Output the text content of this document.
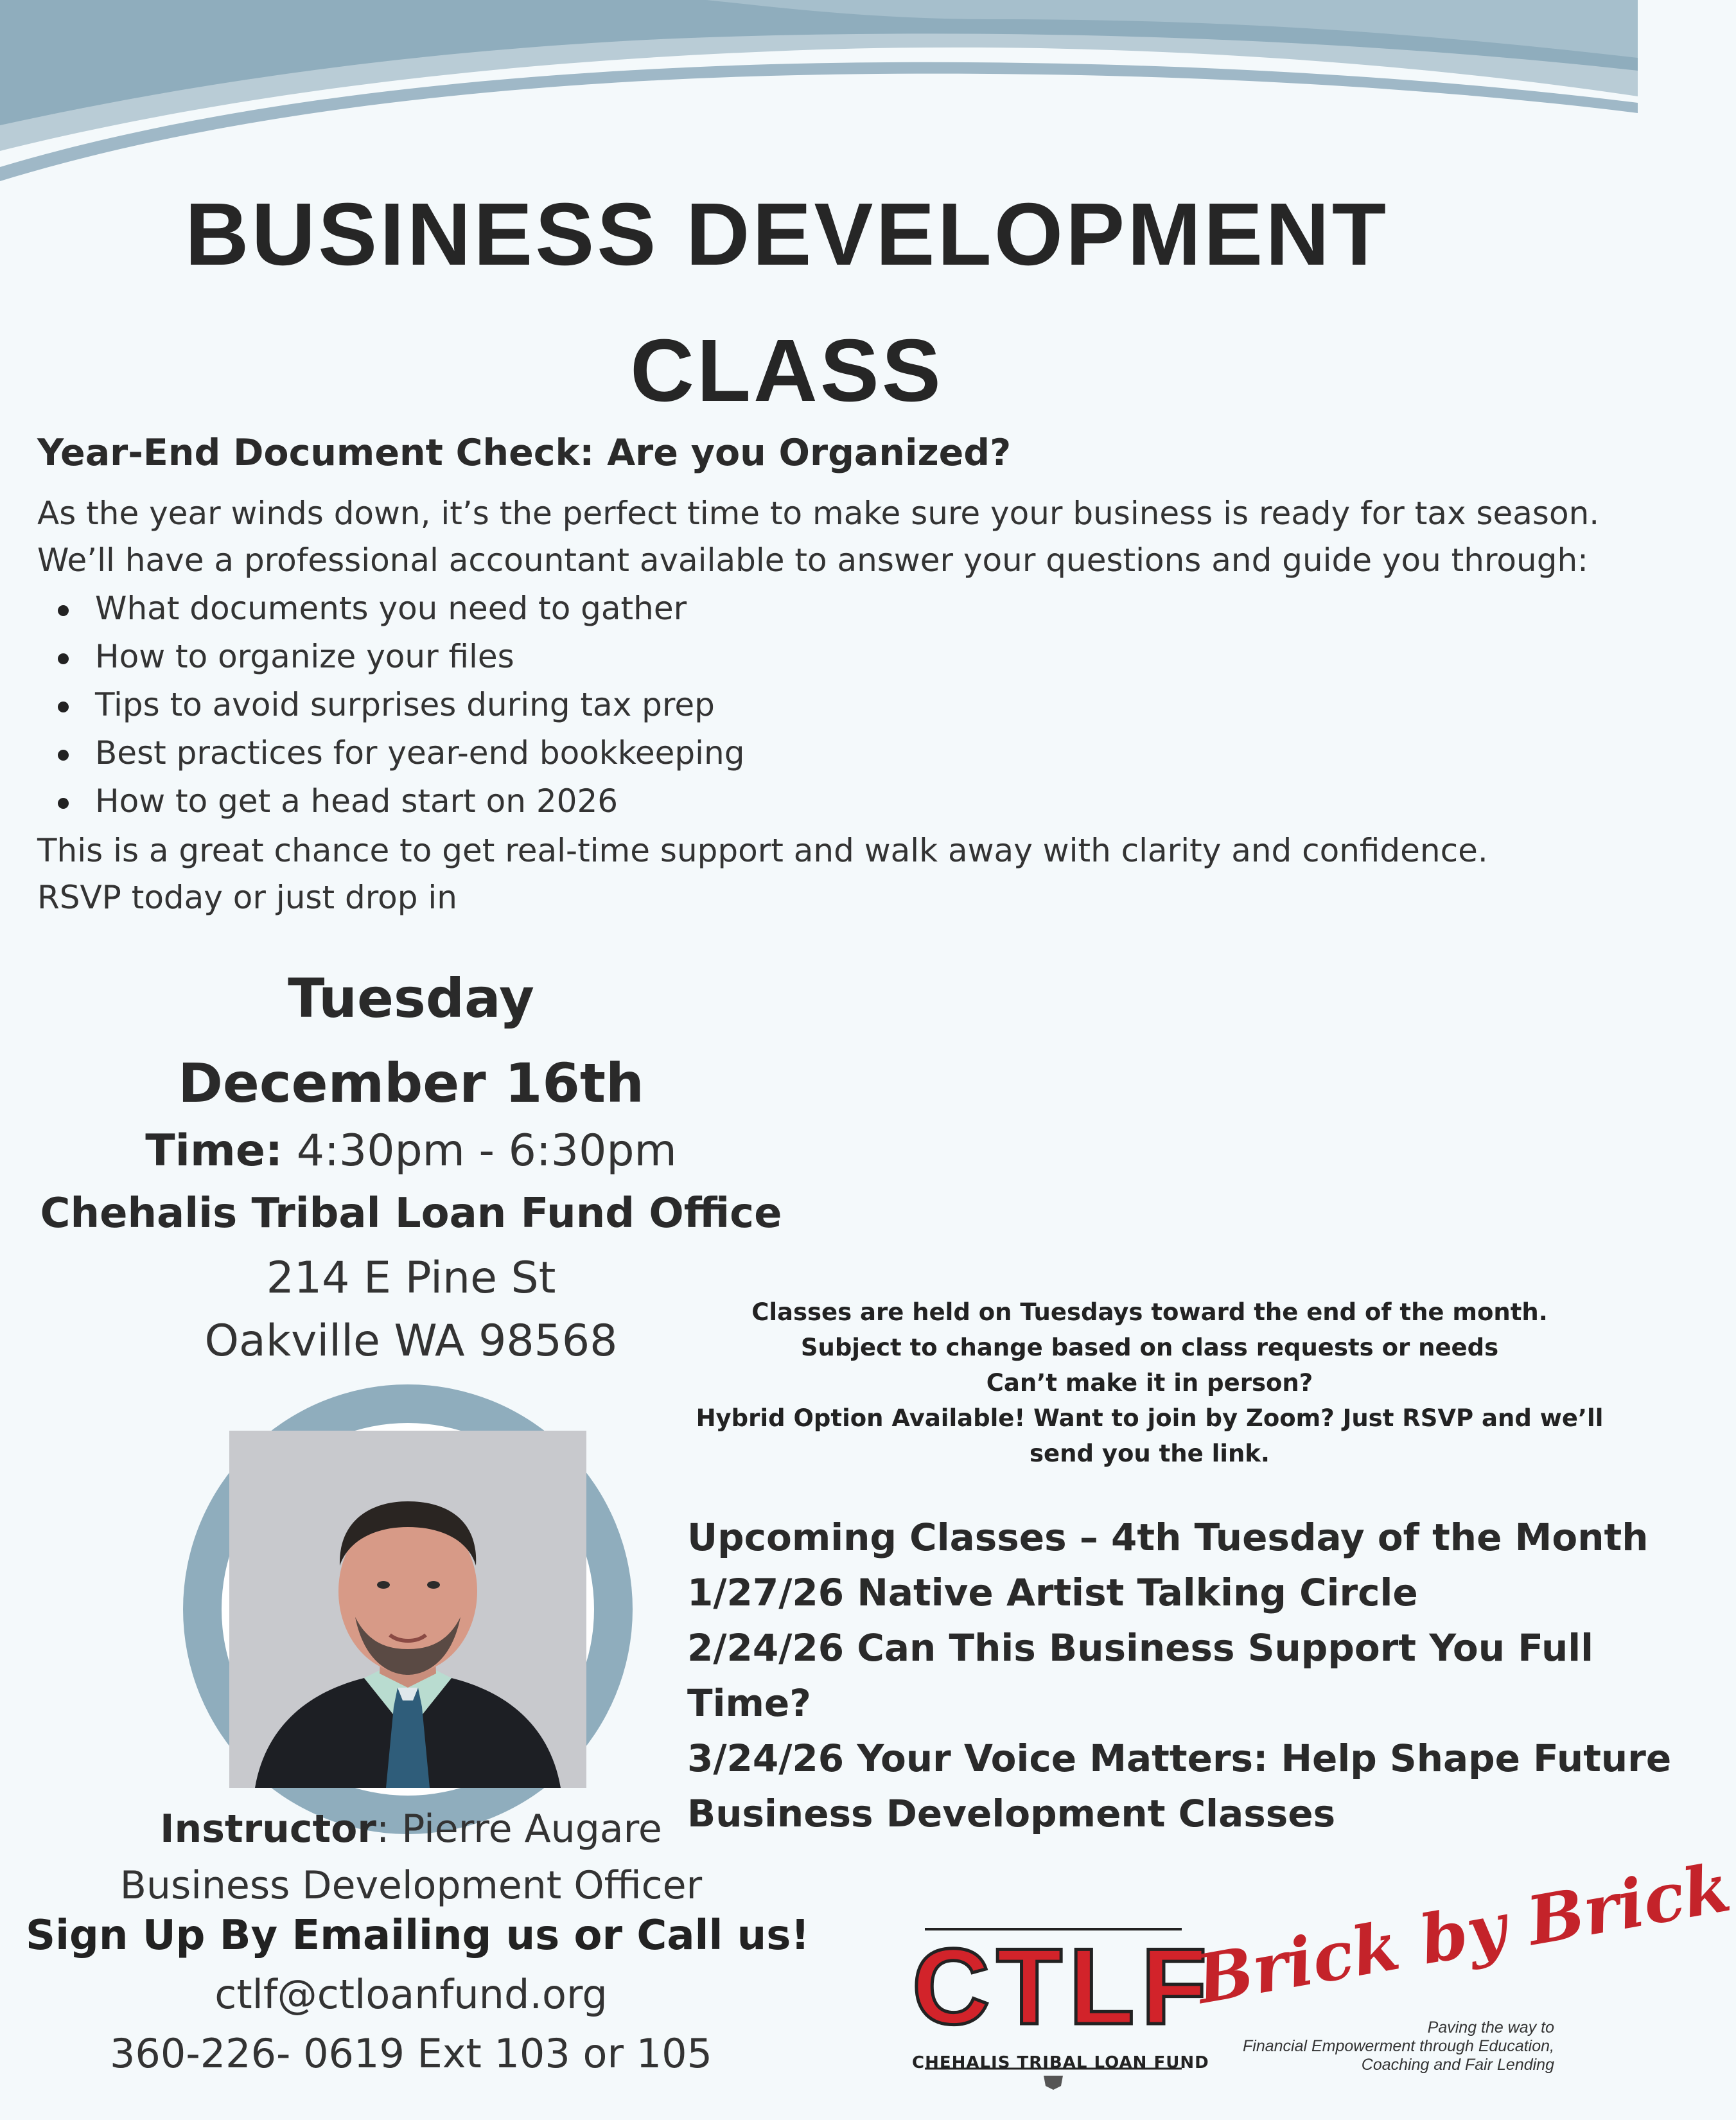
BUSINESS DEVELOPMENT
CLASS
Year-End Document Check: Are you Organized?
As the year winds down, it’s the perfect time to make sure your business is ready for tax season.
We’ll have a professional accountant available to answer your questions and guide you through:
What documents you need to gather
How to organize your files
Tips to avoid surprises during tax prep
Best practices for year-end bookkeeping
How to get a head start on 2026
This is a great chance to get real-time support and walk away with clarity and confidence.
RSVP today or just drop in
Tuesday
December 16th
Time: 4:30pm - 6:30pm
Chehalis Tribal Loan Fund Office
214 E Pine St
Oakville WA 98568
Classes are held on Tuesdays toward the end of the month.
Subject to change based on class requests or needs
Can’t make it in person?
Hybrid Option Available! Want to join by Zoom? Just RSVP and we’ll
send you the link.
Upcoming Classes – 4th Tuesday of the Month
1/27/26 Native Artist Talking Circle
2/24/26 Can This Business Support You Full
Time?
3/24/26 Your Voice Matters: Help Shape Future
Business Development Classes
Instructor: Pierre Augare
Business Development Officer
Sign Up By Emailing us or Call us!
ctlf@ctloanfund.org
360-226- 0619 Ext 103 or 105
CTLF
CHEHALIS TRIBAL LOAN FUND
Brick by Brick
Paving the way to
Financial Empowerment through Education,
Coaching and Fair Lending
